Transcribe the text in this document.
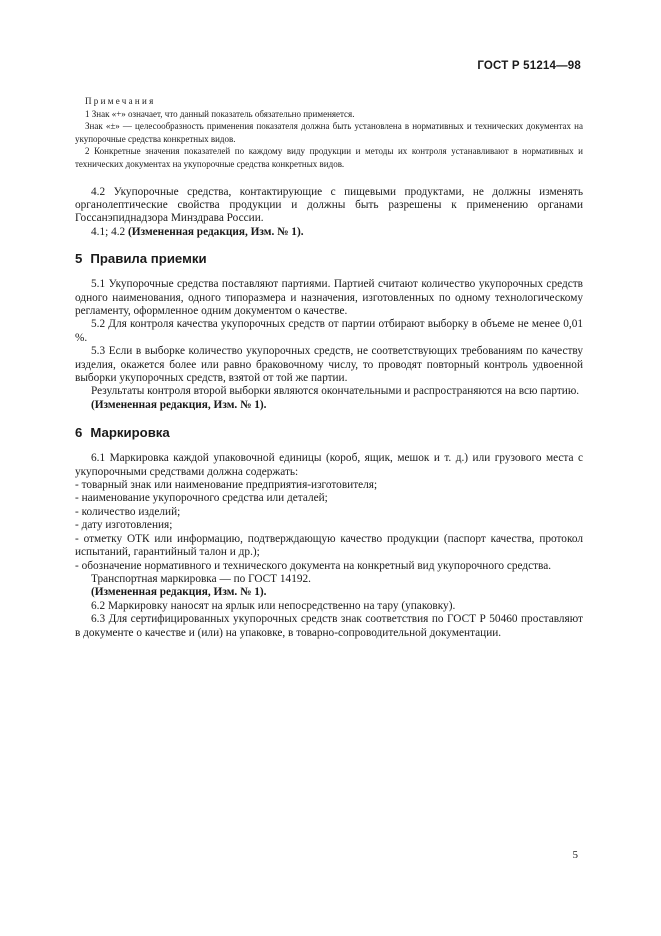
ГОСТ Р 51214—98

Примечания

1 Знак «+» означает, что данный показатель обязательно применяется.

Знак «±» — целесообразность применения показателя должна быть установлена в нормативных и технических документах на укупорочные средства конкретных видов.

2 Конкретные значения показателей по каждому виду продукции и методы их контроля устанавливают в нормативных и технических документах на укупорочные средства конкретных видов.

4.2 Укупорочные средства, контактирующие с пищевыми продуктами, не должны изменять органолептические свойства продукции и должны быть разрешены к применению органами Госсанэпиднадзора Минздрава России.

4.1; 4.2 (Измененная редакция, Изм. № 1).

5 Правила приемки

5.1 Укупорочные средства поставляют партиями. Партией считают количество укупорочных средств одного наименования, одного типоразмера и назначения, изготовленных по одному технологическому регламенту, оформленное одним документом о качестве.

5.2 Для контроля качества укупорочных средств от партии отбирают выборку в объеме не менее 0,01 %.

5.3 Если в выборке количество укупорочных средств, не соответствующих требованиям по качеству изделия, окажется более или равно браковочному числу, то проводят повторный контроль удвоенной выборки укупорочных средств, взятой от той же партии.

Результаты контроля второй выборки являются окончательными и распространяются на всю партию.

(Измененная редакция, Изм. № 1).

6 Маркировка

6.1 Маркировка каждой упаковочной единицы (короб, ящик, мешок и т. д.) или грузового места с укупорочными средствами должна содержать:

- товарный знак или наименование предприятия-изготовителя;

- наименование укупорочного средства или деталей;

- количество изделий;

- дату изготовления;

- отметку ОТК или информацию, подтверждающую качество продукции (паспорт качества, протокол испытаний, гарантийный талон и др.);

- обозначение нормативного и технического документа на конкретный вид укупорочного средства.

Транспортная маркировка — по ГОСТ 14192.

(Измененная редакция, Изм. № 1).

6.2 Маркировку наносят на ярлык или непосредственно на тару (упаковку).

6.3 Для сертифицированных укупорочных средств знак соответствия по ГОСТ Р 50460 проставляют в документе о качестве и (или) на упаковке, в товарно-сопроводительной документации.

5
